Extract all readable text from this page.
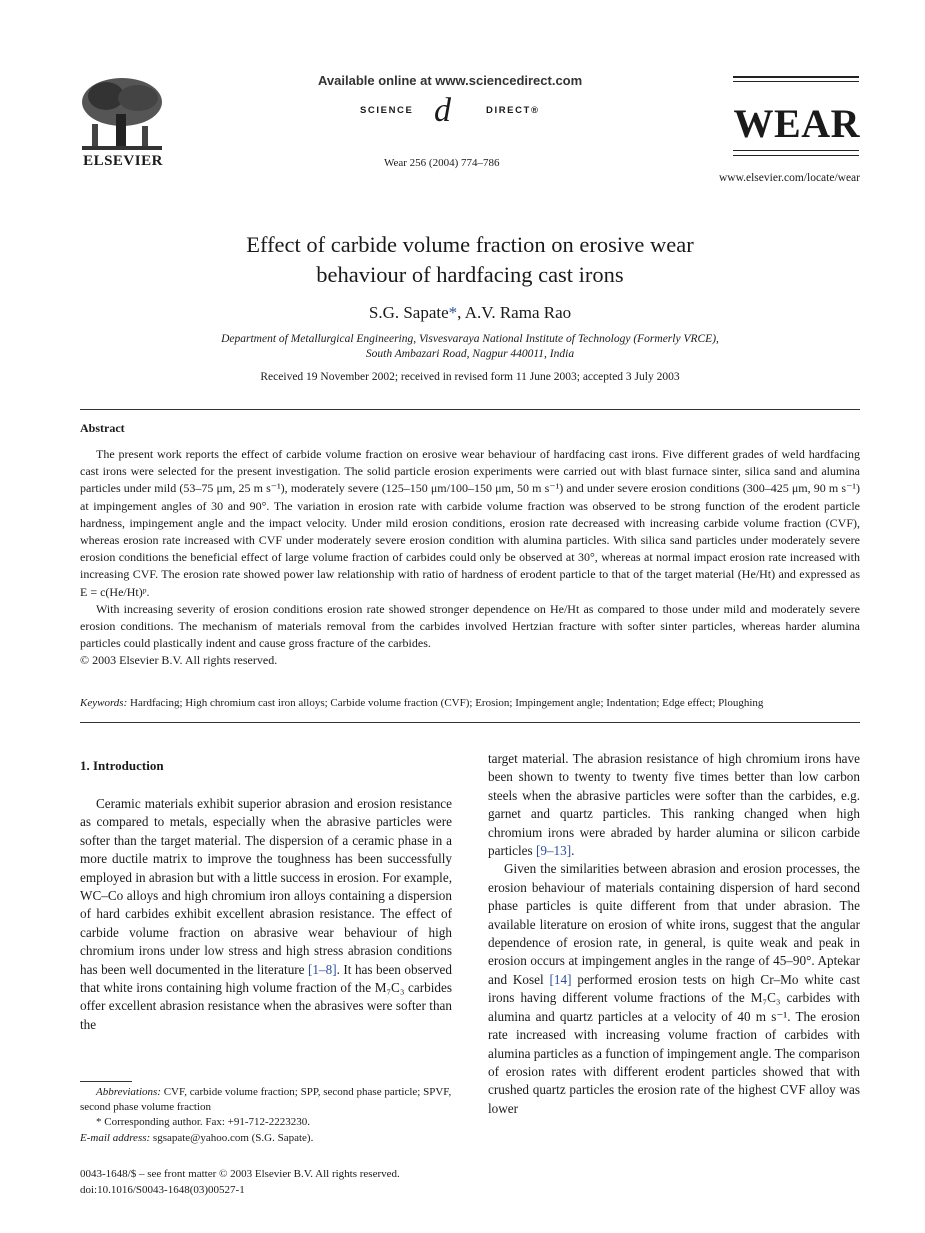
ELSEVIER
Available online at www.sciencedirect.com
SCIENCE d	DIRECT®
Wear 256 (2004) 774–786
WEAR
www.elsevier.com/locate/wear
Effect of carbide volume fraction on erosive wear
behaviour of hardfacing cast irons
S.G. Sapate*, A.V. Rama Rao
Department of Metallurgical Engineering, Visvesvaraya National Institute of Technology (Formerly VRCE),
South Ambazari Road, Nagpur 440011, India
Received 19 November 2002; received in revised form 11 June 2003; accepted 3 July 2003
Abstract

The present work reports the effect of carbide volume fraction on erosive wear behaviour of hardfacing cast irons. Five different grades of weld hardfacing cast irons were selected for the present investigation. The solid particle erosion experiments were carried out with blast furnace sinter, silica sand and alumina particles under mild (53–75 μm, 25 m s⁻¹), moderately severe (125–150 μm/100–150 μm, 50 m s⁻¹) and under severe erosion conditions (300–425 μm, 90 m s⁻¹) at impingement angles of 30 and 90°. The variation in erosion rate with carbide volume fraction was observed to be strong function of the erodent particle hardness, impingement angle and the impact velocity. Under mild erosion conditions, erosion rate decreased with increasing carbide volume fraction (CVF), whereas erosion rate increased with CVF under moderately severe erosion condition with alumina particles. With silica sand particles under moderately severe erosion conditions the beneficial effect of large volume fraction of carbides could only be observed at 30°, whereas at normal impact erosion rate increased with increasing CVF. The erosion rate showed power law relationship with ratio of hardness of erodent particle to that of the target material (He/Ht) and expressed as E = c(He/Ht)ᵖ.

With increasing severity of erosion conditions erosion rate showed stronger dependence on He/Ht as compared to those under mild and moderately severe erosion conditions. The mechanism of materials removal from the carbides involved Hertzian fracture with softer sinter particles, whereas harder alumina particles could plastically indent and cause gross fracture of the carbides.

© 2003 Elsevier B.V. All rights reserved.

Keywords: Hardfacing; High chromium cast iron alloys; Carbide volume fraction (CVF); Erosion; Impingement angle; Indentation; Edge effect; Ploughing
1. Introduction

Ceramic materials exhibit superior abrasion and erosion resistance as compared to metals, especially when the abrasive particles were softer than the target material. The dispersion of a ceramic phase in a more ductile matrix to improve the toughness has been successfully employed in abrasion but with a little success in erosion. For example, WC–Co alloys and high chromium iron alloys containing a dispersion of hard carbides exhibit excellent abrasion resistance. The effect of carbide volume fraction on abrasive wear behaviour of high chromium irons under low stress and high stress abrasion conditions has been well documented in the literature [1–8]. It has been observed that white irons containing high volume fraction of the M₇C₃ carbides offer excellent abrasion resistance when the abrasives were softer than the

Abbreviations: CVF, carbide volume fraction; SPP, second phase particle; SPVF, second phase volume fraction

* Corresponding author. Fax: +91-712-2223230.

E-mail address: sgsapate@yahoo.com (S.G. Sapate).

0043-1648/$ – see front matter © 2003 Elsevier B.V. All rights reserved.
doi:10.1016/S0043-1648(03)00527-1

target material. The abrasion resistance of high chromium irons have been shown to twenty to twenty five times better than low carbon steels when the abrasive particles were softer than the carbides, e.g. garnet and quartz particles. This ranking changed when high chromium irons were abraded by harder alumina or silicon carbide particles [9–13].

Given the similarities between abrasion and erosion processes, the erosion behaviour of materials containing dispersion of hard second phase particles is quite different from that under abrasion. The available literature on erosion of white irons, suggest that the angular dependence of erosion rate, in general, is quite weak and peak in erosion occurs at impingement angles in the range of 45–90°. Aptekar and Kosel [14] performed erosion tests on high Cr–Mo white cast irons having different volume fractions of the M₇C₃ carbides with alumina and quartz particles at a velocity of 40 m s⁻¹. The erosion rate increased with increasing volume fraction of carbides with alumina particles as a function of impingement angle. The comparison of erosion rates with different erodent particles showed that with crushed quartz particles the erosion rate of the highest CVF alloy was lower
